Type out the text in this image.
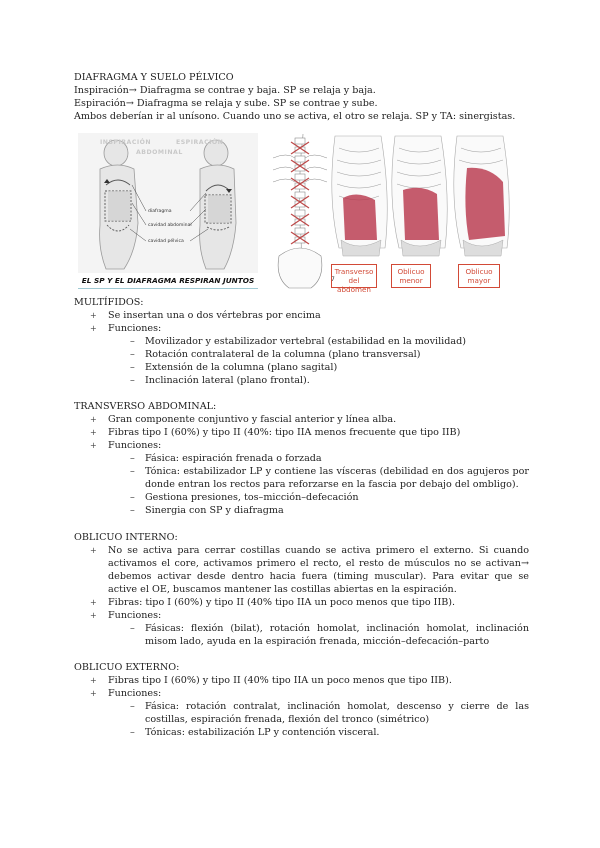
DIAFRAGMA Y SUELO PÉLVICO
Inspiración→ Diafragma se contrae y baja. SP se relaja y baja.
Espiración→ Diafragma se relaja y sube. SP se contrae y sube.
Ambos deberían ir al unísono. Cuando uno se activa, el otro se relaja. SP y TA: sinergistas.
INSPIRACIÓN	ESPIRACIÓN
ABDOMINAL
diafragma
cavidad abdominal
cavidad pélvica
EL SP Y EL DIAFRAGMA RESPIRAN JUNTOS	7
Transverso del abdomen
Oblicuo menor
Oblicuo mayor
MULTÍFIDOS:
+ Se insertan una o dos vértebras por encima
+ Funciones:
– Movilizador y estabilizador vertebral (estabilidad en la movilidad)
– Rotación contralateral de la columna (plano transversal)
– Extensión de la columna (plano sagital)
– Inclinación lateral (plano frontal).
TRANSVERSO ABDOMINAL:
+ Gran componente conjuntivo y fascial anterior y línea alba.
+ Fibras tipo I (60%) y tipo II (40%: tipo IIA menos frecuente que tipo IIB)
+ Funciones:
– Fásica: espiración frenada o forzada
– Tónica: estabilizador LP y contiene las vísceras (debilidad en dos agujeros por donde entran los rectos para reforzarse en la fascia por debajo del ombligo).
– Gestiona presiones, tos–micción–defecación
– Sinergia con SP y diafragma
OBLICUO INTERNO:
+ No se activa para cerrar costillas cuando se activa primero el externo. Si cuando activamos el core, activamos primero el recto, el resto de músculos no se activan→ debemos activar desde dentro hacia fuera (timing muscular). Para evitar que se active el OE, buscamos mantener las costillas abiertas en la espiración.
+ Fibras: tipo I (60%) y tipo II (40% tipo IIA un poco menos que tipo IIB).
+ Funciones:
– Fásicas: flexión (bilat), rotación homolat, inclinación homolat, inclinación misom lado, ayuda en la espiración frenada, micción–defecación–parto
OBLICUO EXTERNO:
+ Fibras tipo I (60%) y tipo II (40% tipo IIA un poco menos que tipo IIB).
+ Funciones:
– Fásica: rotación contralat, inclinación homolat, descenso y cierre de las costillas, espiración frenada, flexión del tronco (simétrico)
– Tónicas: estabilización LP y contención visceral.
